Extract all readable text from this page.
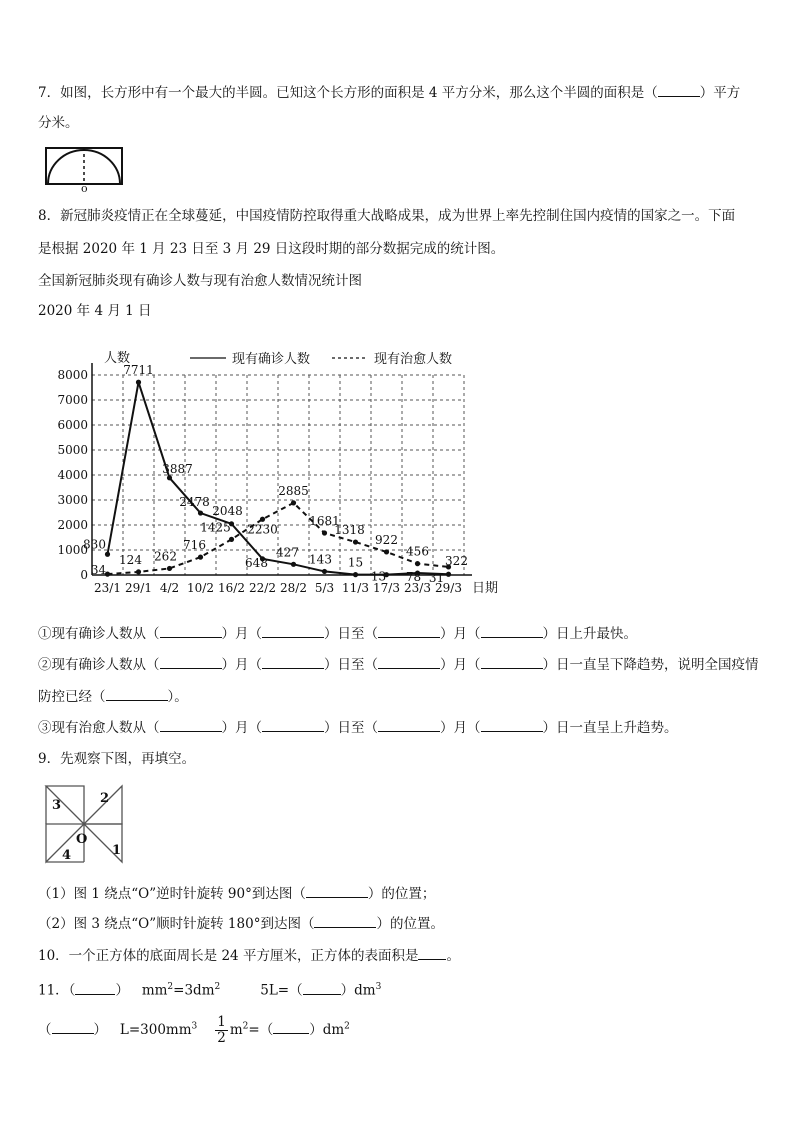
7．如图，长方形中有一个最大的半圆。已知这个长方形的面积是 4 平方分米，那么这个半圆的面积是（	）平方
分米。
o
8．新冠肺炎疫情正在全球蔓延，中国疫情防控取得重大战略成果，成为世界上率先控制住国内疫情的国家之一。下面
是根据 2020 年 1 月 23 日至 3 月 29 日这段时期的部分数据完成的统计图。
全国新冠肺炎现有确诊人数与现有治愈人数情况统计图
2020 年 4 月 1 日
0
1000
2000
3000
4000
5000
6000
7000
8000
人数
日期
23/1 29/1 4/2 10/2 16/2 22/2 28/2 5/3 11/3 17/3 23/3 29/3
现有确诊人数	现有治愈人数
830
7711
3887
2478
2048
648
427
143 15
13 78 31
34
124 262
716
1425 2230
2885
1681
1318
922
456
322
①现有确诊人数从（	）月（	）日至（	）月（	）日上升最快。
②现有确诊人数从（	）月（	）日至（	）月（	）日一直呈下降趋势，说明全国疫情
防控已经（	）。
③现有治愈人数从（	）月（	）日至（	）月（	）日一直呈上升趋势。
9．先观察下图，再填空。
3	2
O
4	1
（1）图 1 绕点“O”逆时针旋转 90°到达图（	）的位置；
（2）图 3 绕点“O”顺时针旋转 180°到达图（	）的位置。
10．一个正方体的底面周长是 24 平方厘米，正方体的表面积是 。
11．（	） $mm^2=3dm^2$	5L=（	）$dm^3$
（	） $L=300mm^3 \frac{1}{2} m^2=$（	）$dm^2$
